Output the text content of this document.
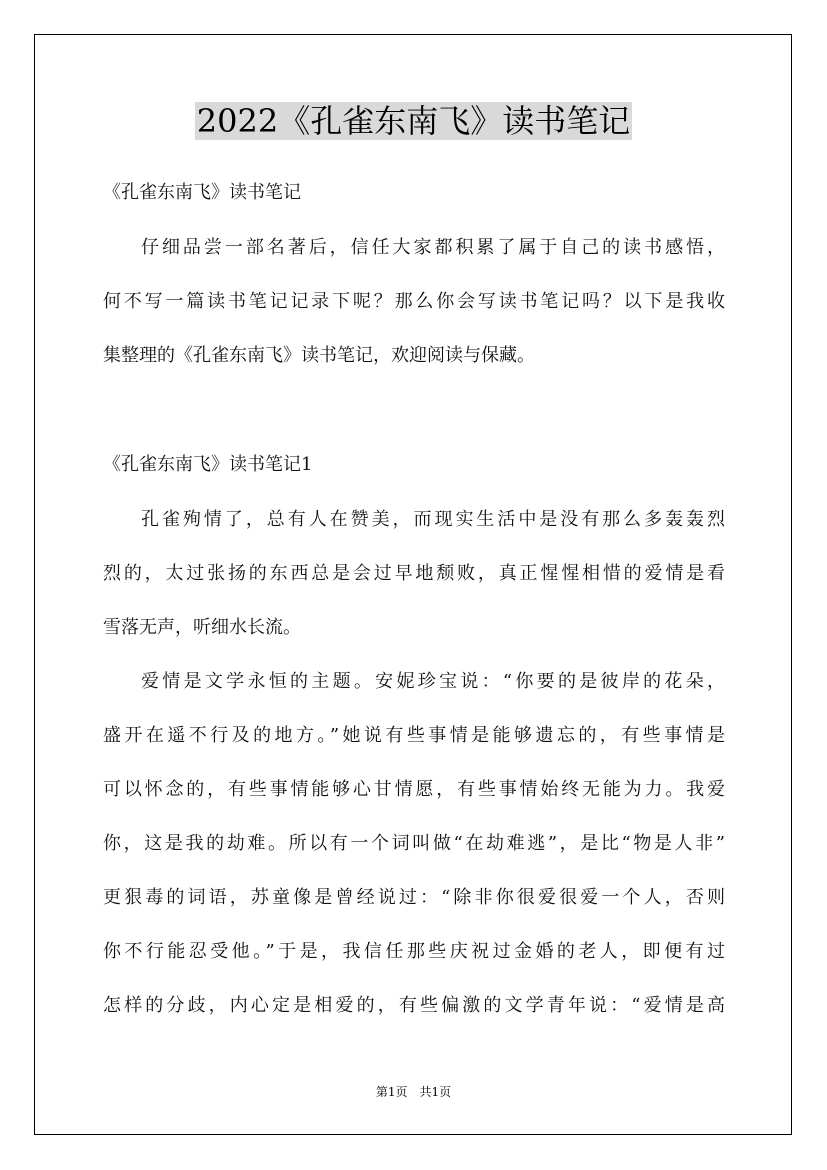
2022《孔雀东南飞》读书笔记
《孔雀东南飞》读书笔记
仔细品尝一部名著后，信任大家都积累了属于自己的读书感悟，
何不写一篇读书笔记记录下呢？那么你会写读书笔记吗？以下是我收
集整理的《孔雀东南飞》读书笔记，欢迎阅读与保藏。
《孔雀东南飞》读书笔记1
孔雀殉情了，总有人在赞美，而现实生活中是没有那么多轰轰烈
烈的，太过张扬的东西总是会过早地颓败，真正惺惺相惜的爱情是看
雪落无声，听细水长流。
爱情是文学永恒的主题。安妮珍宝说：“你要的是彼岸的花朵，
盛开在遥不行及的地方。”她说有些事情是能够遗忘的，有些事情是
可以怀念的，有些事情能够心甘情愿，有些事情始终无能为力。我爱
你，这是我的劫难。所以有一个词叫做“在劫难逃”，是比“物是人非”
更狠毒的词语，苏童像是曾经说过：“除非你很爱很爱一个人，否则
你不行能忍受他。”于是，我信任那些庆祝过金婚的老人，即便有过
怎样的分歧，内心定是相爱的，有些偏激的文学青年说：“爱情是高
第1页　共1页
